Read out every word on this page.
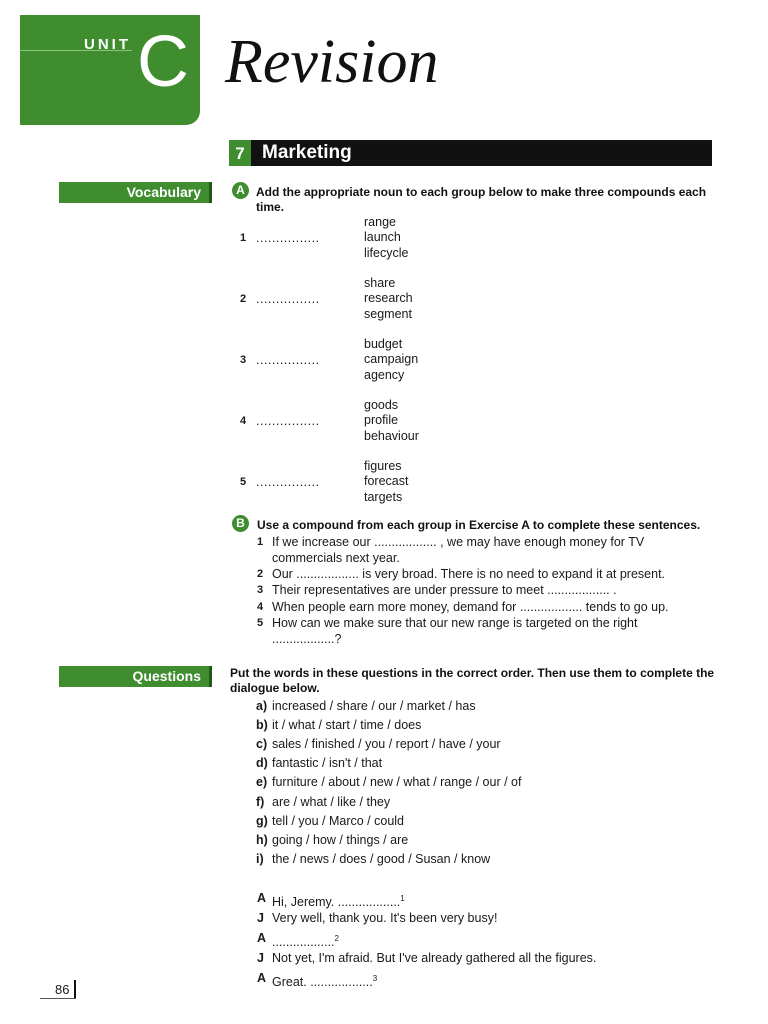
UNIT C Revision
7 Marketing
Vocabulary	A Add the appropriate noun to each group below to make three compounds each
time.
1 ................
range
launch
lifecycle
2 ................
share
research
segment
3 ................
budget
campaign
agency
4 ................
goods
profile
behaviour
5 ................
figures
forecast
targets
B	Use a compound from each group in Exercise A to complete these sentences.
1 If we increase our .................. , we may have enough money for TV
commercials next year.
2 Our .................. is very broad. There is no need to expand it at present.
3 Their representatives are under pressure to meet .................. .
4 When people earn more money, demand for .................. tends to go up.
5 How can we make sure that our new range is targeted on the right
..................?
Questions	Put the words in these questions in the correct order. Then use them to complete the
dialogue below.
a) increased / share / our / market / has
b) it / what / start / time / does
c) sales / finished / you / report / have / your
d) fantastic / isn't / that
e) furniture / about / new / what / range / our / of
f) are / what / like / they
g) tell / you / Marco / could
h) going / how / things / are
i) the / news / does / good / Susan / know
A Hi, Jeremy. ..................$^1$
J Very well, thank you. It's been very busy!
A ..................$^2$
J Not yet, I'm afraid. But I've already gathered all the figures.
A Great. ..................$^3$
86
